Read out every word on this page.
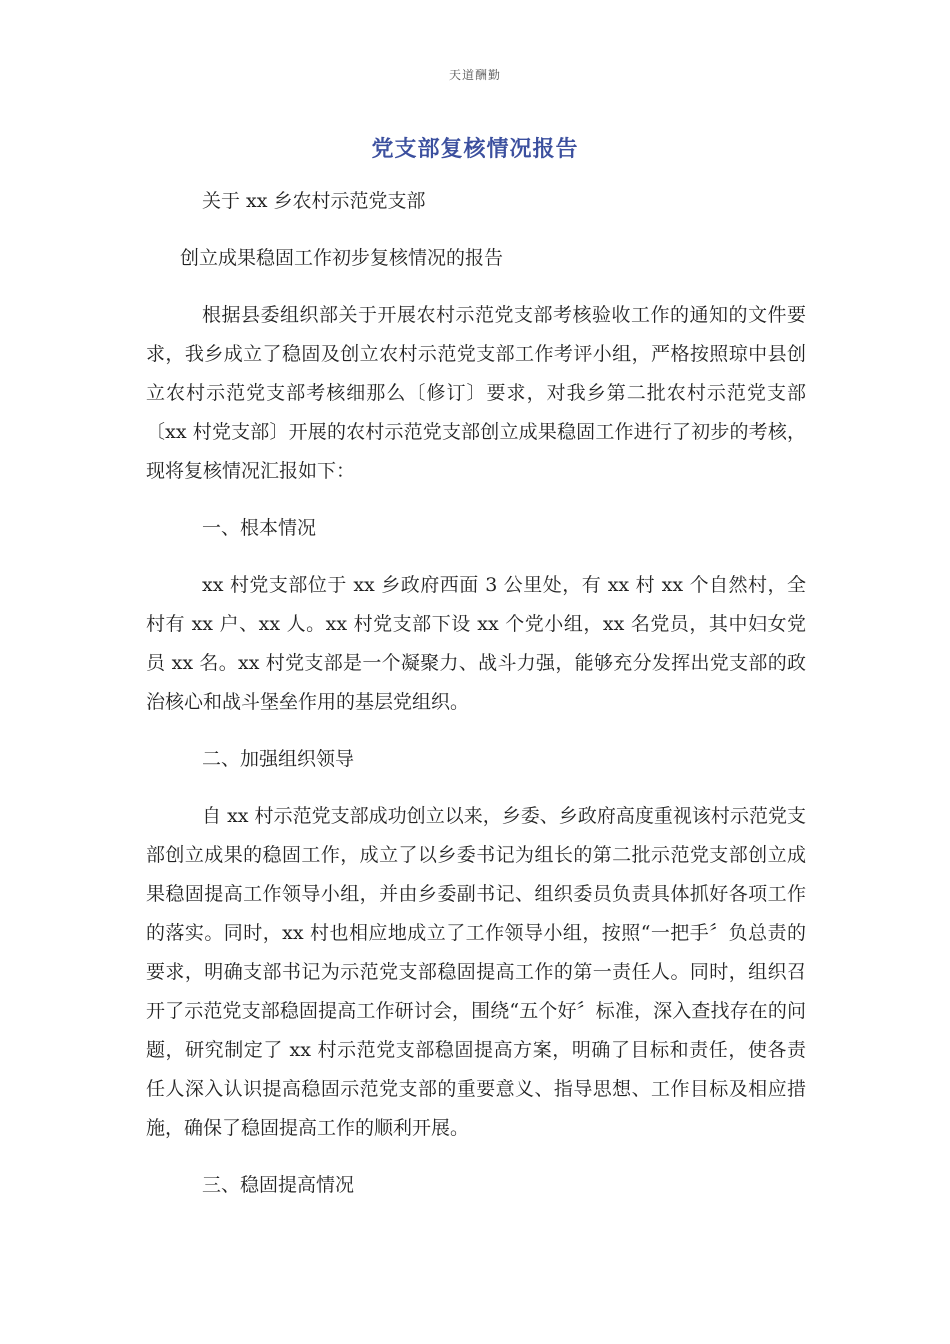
天道酬勤
党支部复核情况报告

关于 xx 乡农村示范党支部

创立成果稳固工作初步复核情况的报告

根据县委组织部关于开展农村示范党支部考核验收工作的通知的文件要求，我乡成立了稳固及创立农村示范党支部工作考评小组，严格按照琼中县创立农村示范党支部考核细那么〔修订〕要求，对我乡第二批农村示范党支部〔xx 村党支部〕开展的农村示范党支部创立成果稳固工作进行了初步的考核，现将复核情况汇报如下：

一、根本情况

xx 村党支部位于 xx 乡政府西面 3 公里处，有 xx 村 xx 个自然村，全村有 xx 户、xx 人。xx 村党支部下设 xx 个党小组，xx 名党员，其中妇女党员 xx 名。xx 村党支部是一个凝聚力、战斗力强，能够充分发挥出党支部的政治核心和战斗堡垒作用的基层党组织。

二、加强组织领导

自 xx 村示范党支部成功创立以来，乡委、乡政府高度重视该村示范党支部创立成果的稳固工作，成立了以乡委书记为组长的第二批示范党支部创立成果稳固提高工作领导小组，并由乡委副书记、组织委员负责具体抓好各项工作的落实。同时，xx 村也相应地成立了工作领导小组，按照“一把手〞负总责的要求，明确支部书记为示范党支部稳固提高工作的第一责任人。同时，组织召开了示范党支部稳固提高工作研讨会，围绕“五个好〞标准，深入查找存在的问题，研究制定了 xx 村示范党支部稳固提高方案，明确了目标和责任，使各责任人深入认识提高稳固示范党支部的重要意义、指导思想、工作目标及相应措施，确保了稳固提高工作的顺利开展。

三、稳固提高情况
